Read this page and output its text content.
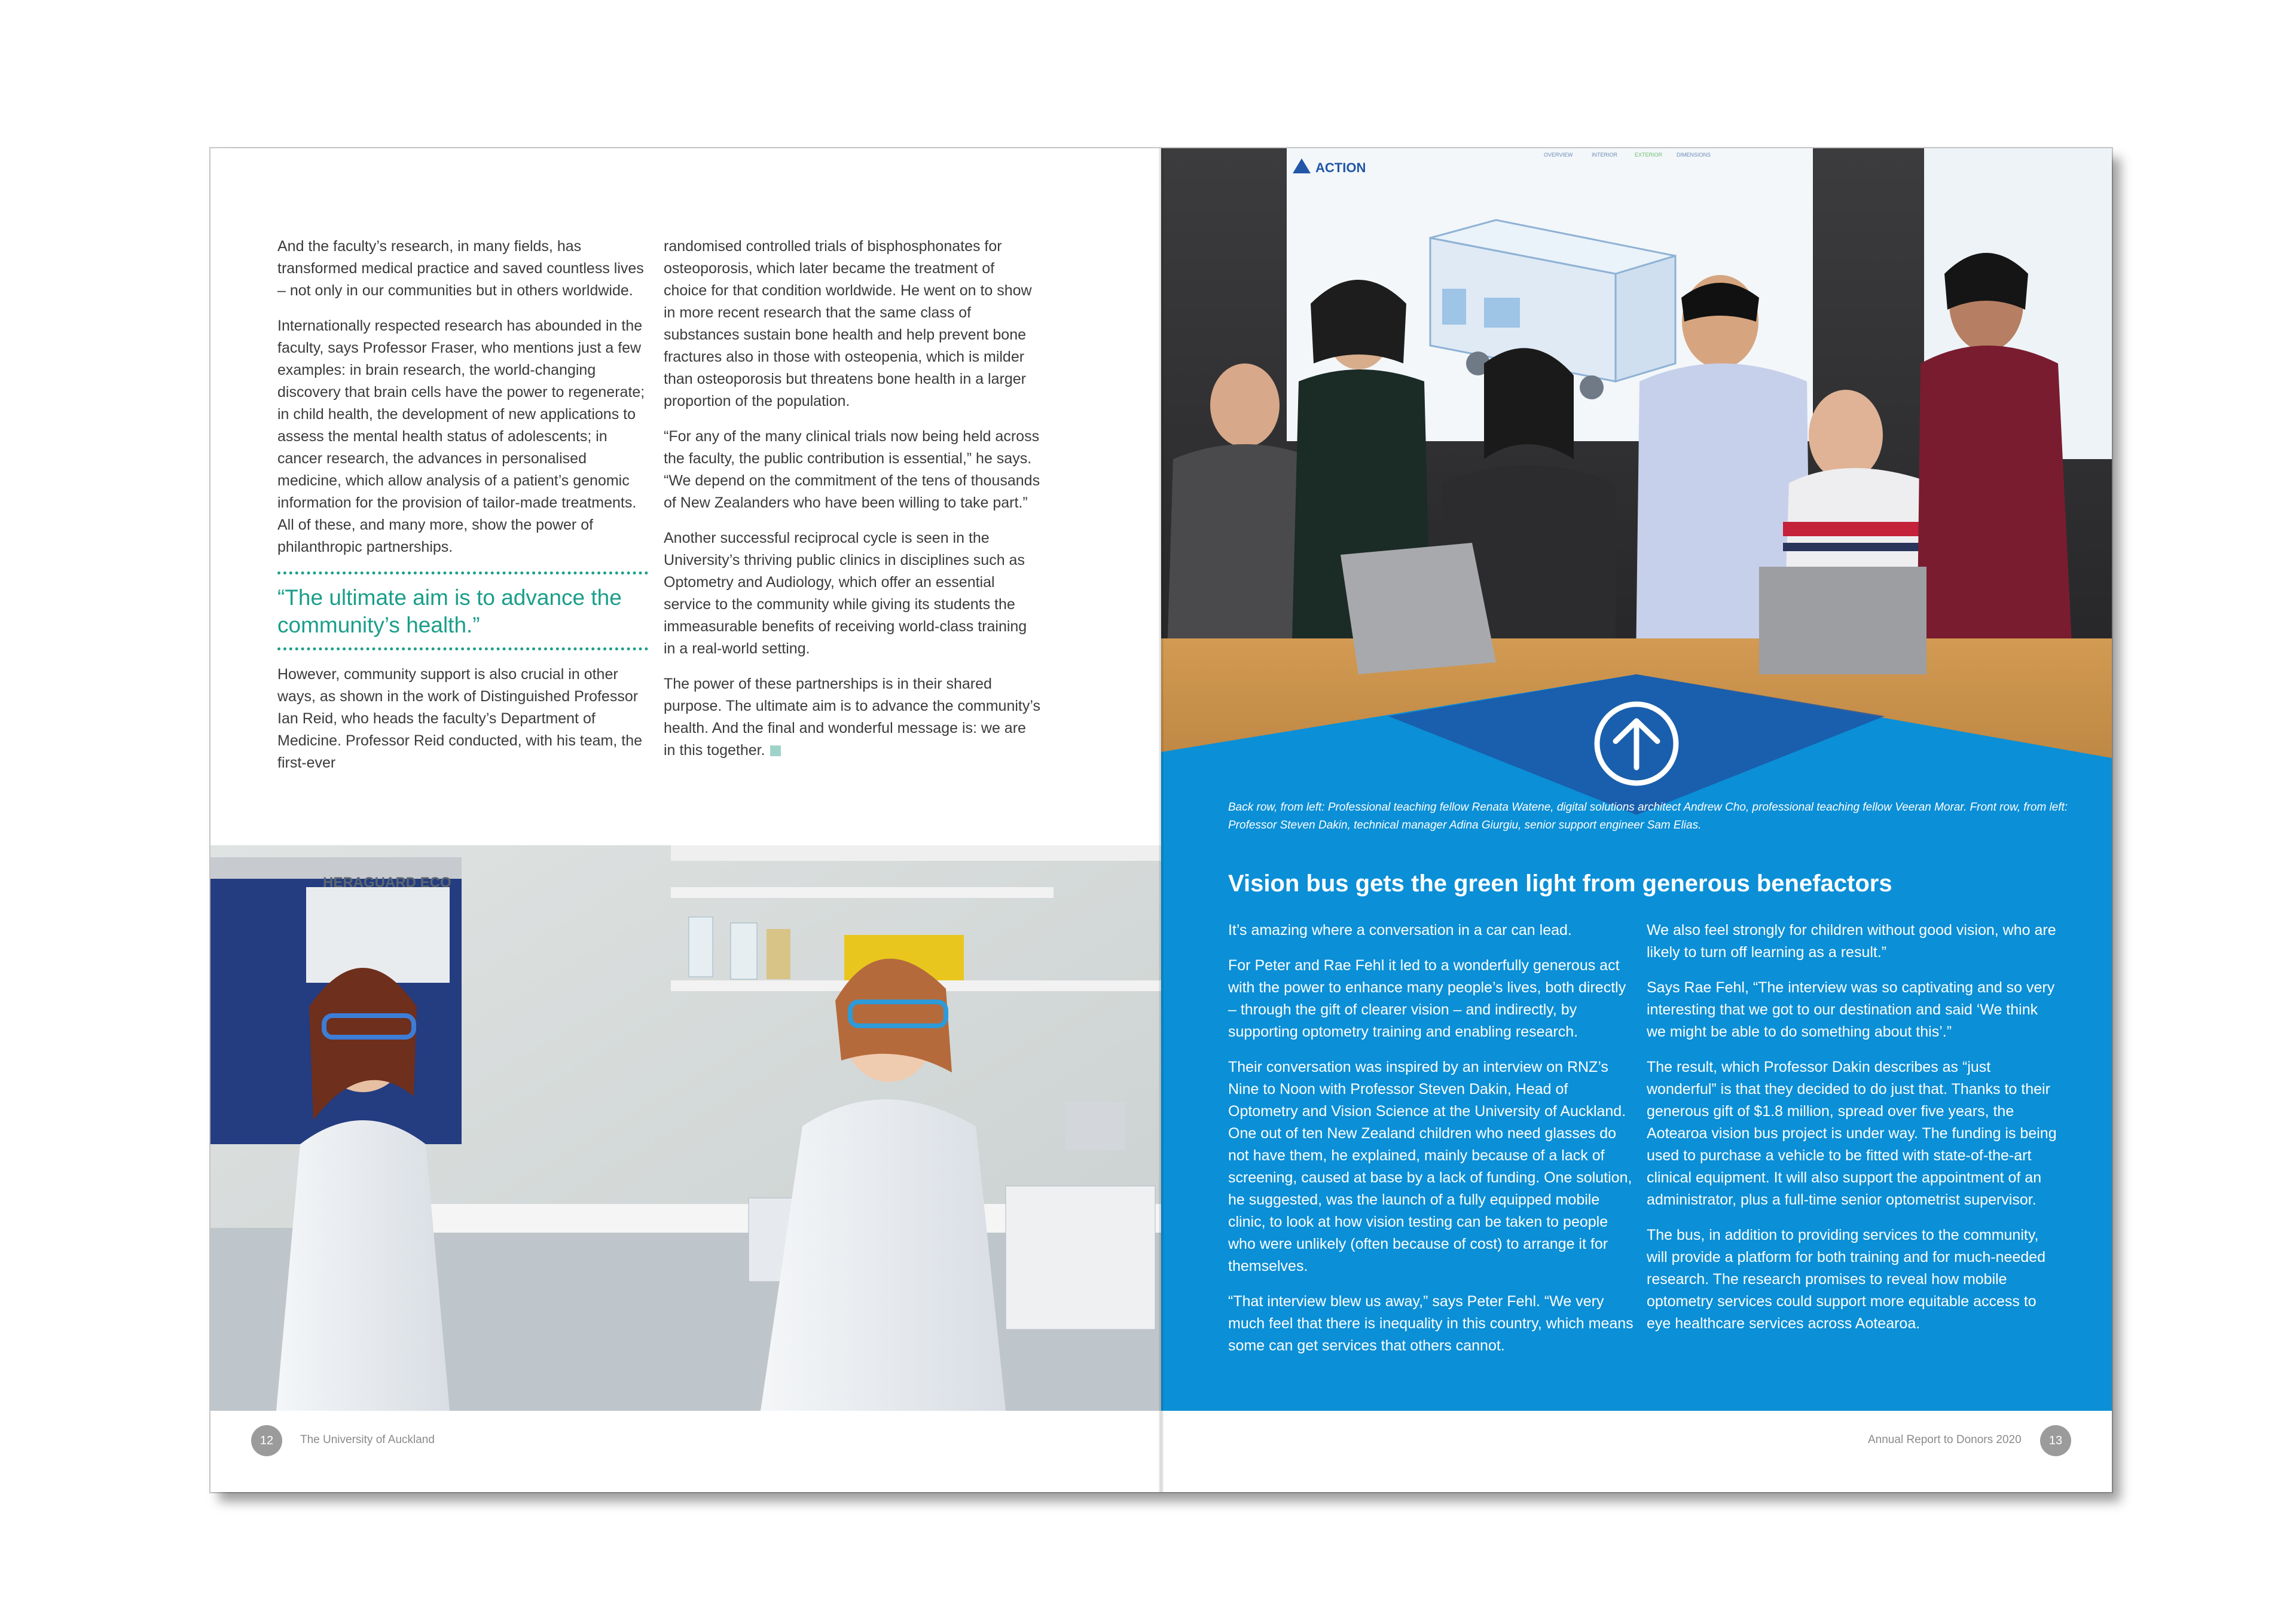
And the faculty’s research, in many fields, has transformed medical practice and saved countless lives – not only in our communities but in others worldwide.

Internationally respected research has abounded in the faculty, says Professor Fraser, who mentions just a few examples: in brain research, the world-changing discovery that brain cells have the power to regenerate; in child health, the development of new applications to assess the mental health status of adolescents; in cancer research, the advances in personalised medicine, which allow analysis of a patient’s genomic information for the provision of tailor-made treatments. All of these, and many more, show the power of philanthropic partnerships.

“The ultimate aim is to advance the community’s health.”

However, community support is also crucial in other ways, as shown in the work of Distinguished Professor Ian Reid, who heads the faculty’s Department of Medicine. Professor Reid conducted, with his team, the first-ever

randomised controlled trials of bisphosphonates for osteoporosis, which later became the treatment of choice for that condition worldwide. He went on to show in more recent research that the same class of substances sustain bone health and help prevent bone fractures also in those with osteopenia, which is milder than osteoporosis but threatens bone health in a larger proportion of the population.

“For any of the many clinical trials now being held across the faculty, the public contribution is essential,” he says. “We depend on the commitment of the tens of thousands of New Zealanders who have been willing to take part.”

Another successful reciprocal cycle is seen in the University’s thriving public clinics in disciplines such as Optometry and Audiology, which offer an essential service to the community while giving its students the immeasurable benefits of receiving world-class training in a real-world setting.

The power of these partnerships is in their shared purpose. The ultimate aim is to advance the community’s health. And the final and wonderful message is: we are in this together.

HERAGUARD ECO
12	The University of Auckland
ACTION
OVERVIEW	INTERIOR	EXTERIOR	DIMENSIONS
Back row, from left: Professional teaching fellow Renata Watene, digital solutions architect Andrew Cho, professional teaching fellow Veeran Morar. Front row, from left: Professor Steven Dakin, technical manager Adina Giurgiu, senior support engineer Sam Elias.
Vision bus gets the green light from generous benefactors

It’s amazing where a conversation in a car can lead.

For Peter and Rae Fehl it led to a wonderfully generous act with the power to enhance many people’s lives, both directly – through the gift of clearer vision – and indirectly, by supporting optometry training and enabling research.

Their conversation was inspired by an interview on RNZ’s Nine to Noon with Professor Steven Dakin, Head of Optometry and Vision Science at the University of Auckland. One out of ten New Zealand children who need glasses do not have them, he explained, mainly because of a lack of screening, caused at base by a lack of funding. One solution, he suggested, was the launch of a fully equipped mobile clinic, to look at how vision testing can be taken to people who were unlikely (often because of cost) to arrange it for themselves.

“That interview blew us away,” says Peter Fehl. “We very much feel that there is inequality in this country, which means some can get services that others cannot.

We also feel strongly for children without good vision, who are likely to turn off learning as a result.”

Says Rae Fehl, “The interview was so captivating and so very interesting that we got to our destination and said ‘We think we might be able to do something about this’.”

The result, which Professor Dakin describes as “just wonderful” is that they decided to do just that. Thanks to their generous gift of $1.8 million, spread over five years, the Aotearoa vision bus project is under way. The funding is being used to purchase a vehicle to be fitted with state-of-the-art clinical equipment. It will also support the appointment of an administrator, plus a full-time senior optometrist supervisor.

The bus, in addition to providing services to the community, will provide a platform for both training and for much-needed research. The research promises to reveal how mobile optometry services could support more equitable access to eye healthcare services across Aotearoa.

Annual Report to Donors 2020	13
